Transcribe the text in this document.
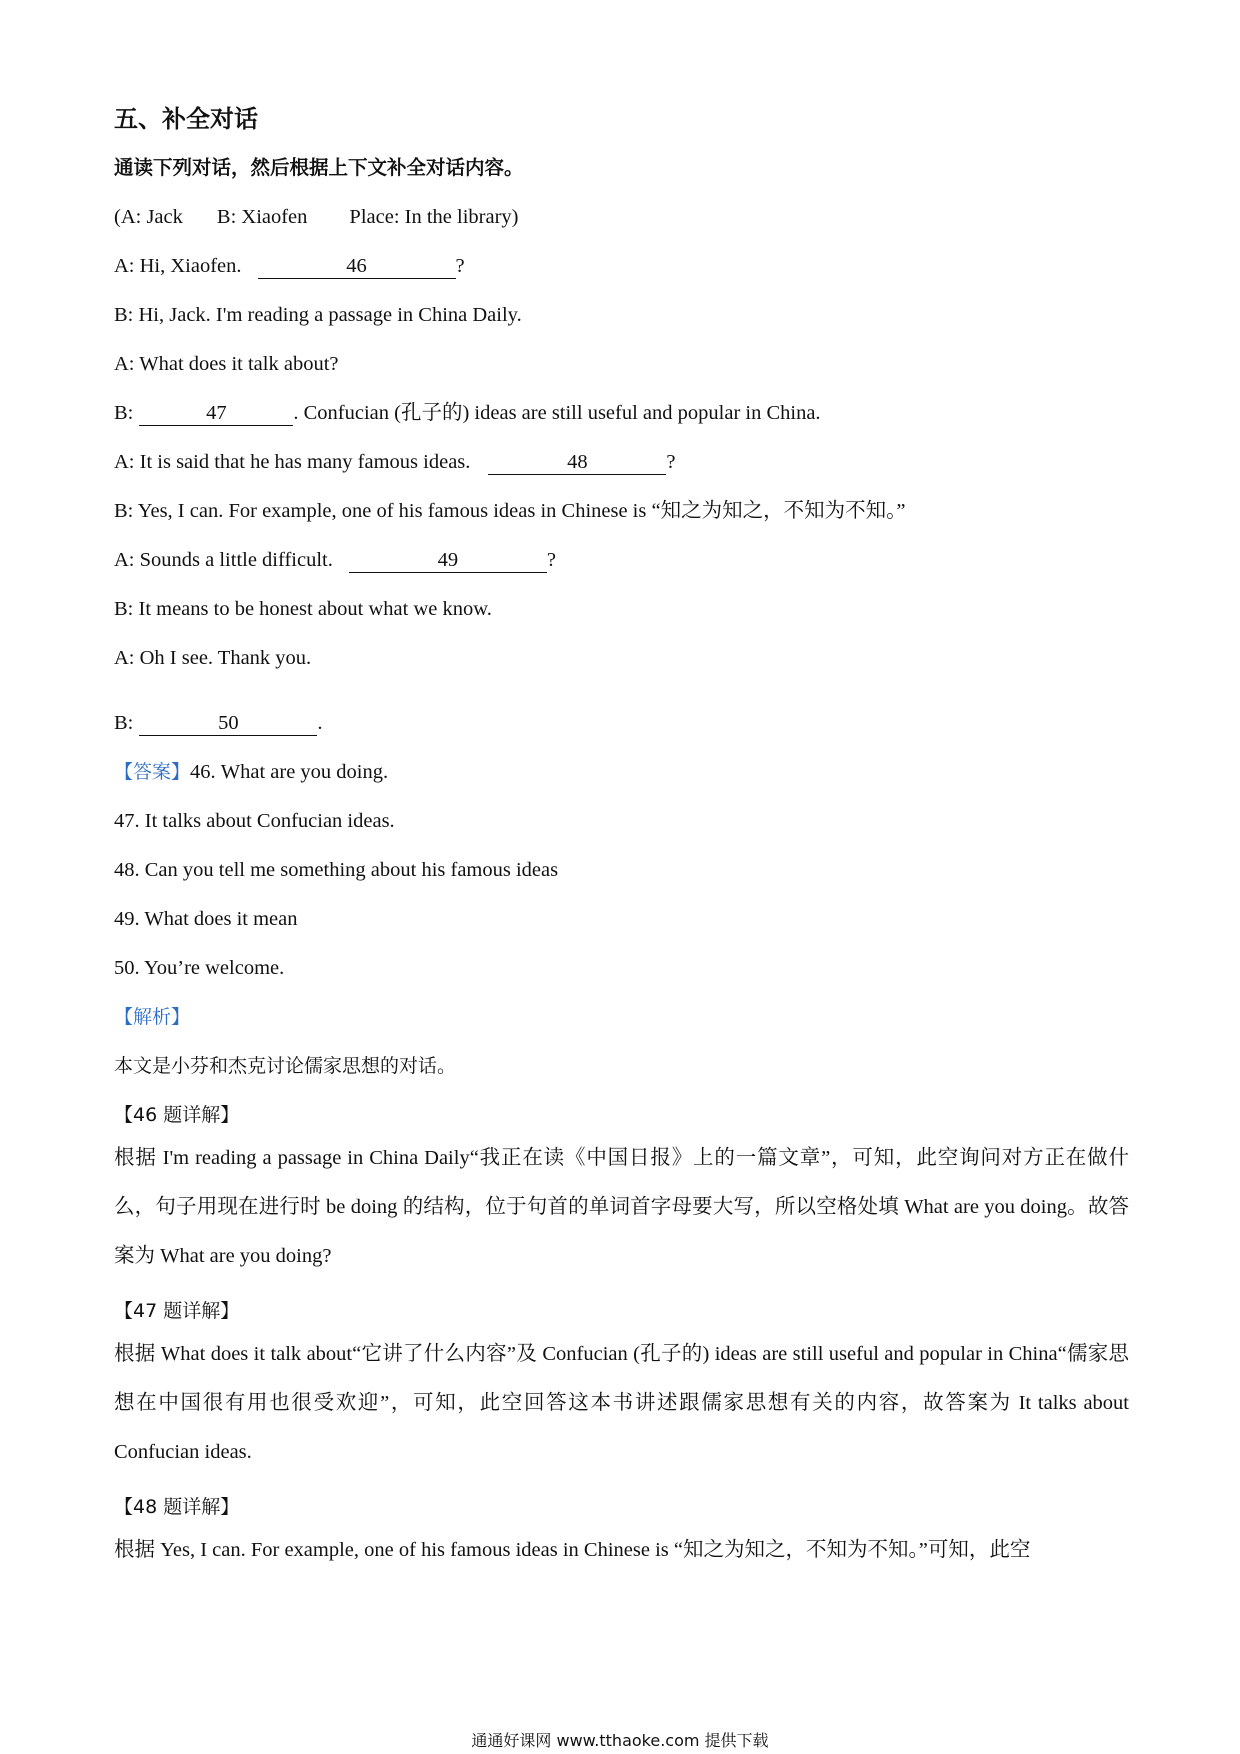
五、补全对话
通读下列对话，然后根据上下文补全对话内容。
(A: Jack B: Xiaofen Place: In the library)
A: Hi, Xiaofen.	46	?
B: Hi, Jack. I'm reading a passage in China Daily.
A: What does it talk about?
B:	47	. Confucian (孔子的) ideas are still useful and popular in China.
A: It is said that he has many famous ideas.	48	?
B: Yes, I can. For example, one of his famous ideas in Chinese is “知之为知之，不知为不知。”
A: Sounds a little difficult.	49	?
B: It means to be honest about what we know.
A: Oh I see. Thank you.
B:	50	.
【答案】46. What are you doing.
47. It talks about Confucian ideas.
48. Can you tell me something about his famous ideas
49. What does it mean
50. You’re welcome.
【解析】
本文是小芬和杰克讨论儒家思想的对话。
【46 题详解】
根据 I'm reading a passage in China Daily“我正在读《中国日报》上的一篇文章”，可知，此空询问对方正在做什么，句子用现在进行时 be doing 的结构，位于句首的单词首字母要大写，所以空格处填 What are you doing。故答案为 What are you doing?
【47 题详解】
根据 What does it talk about“它讲了什么内容”及 Confucian (孔子的) ideas are still useful and popular in China“儒家思想在中国很有用也很受欢迎”，可知，此空回答这本书讲述跟儒家思想有关的内容，故答案为 It talks about Confucian ideas.
【48 题详解】
根据 Yes, I can. For example, one of his famous ideas in Chinese is “知之为知之，不知为不知。”可知，此空
通通好课网 www.tthaoke.com 提供下载
